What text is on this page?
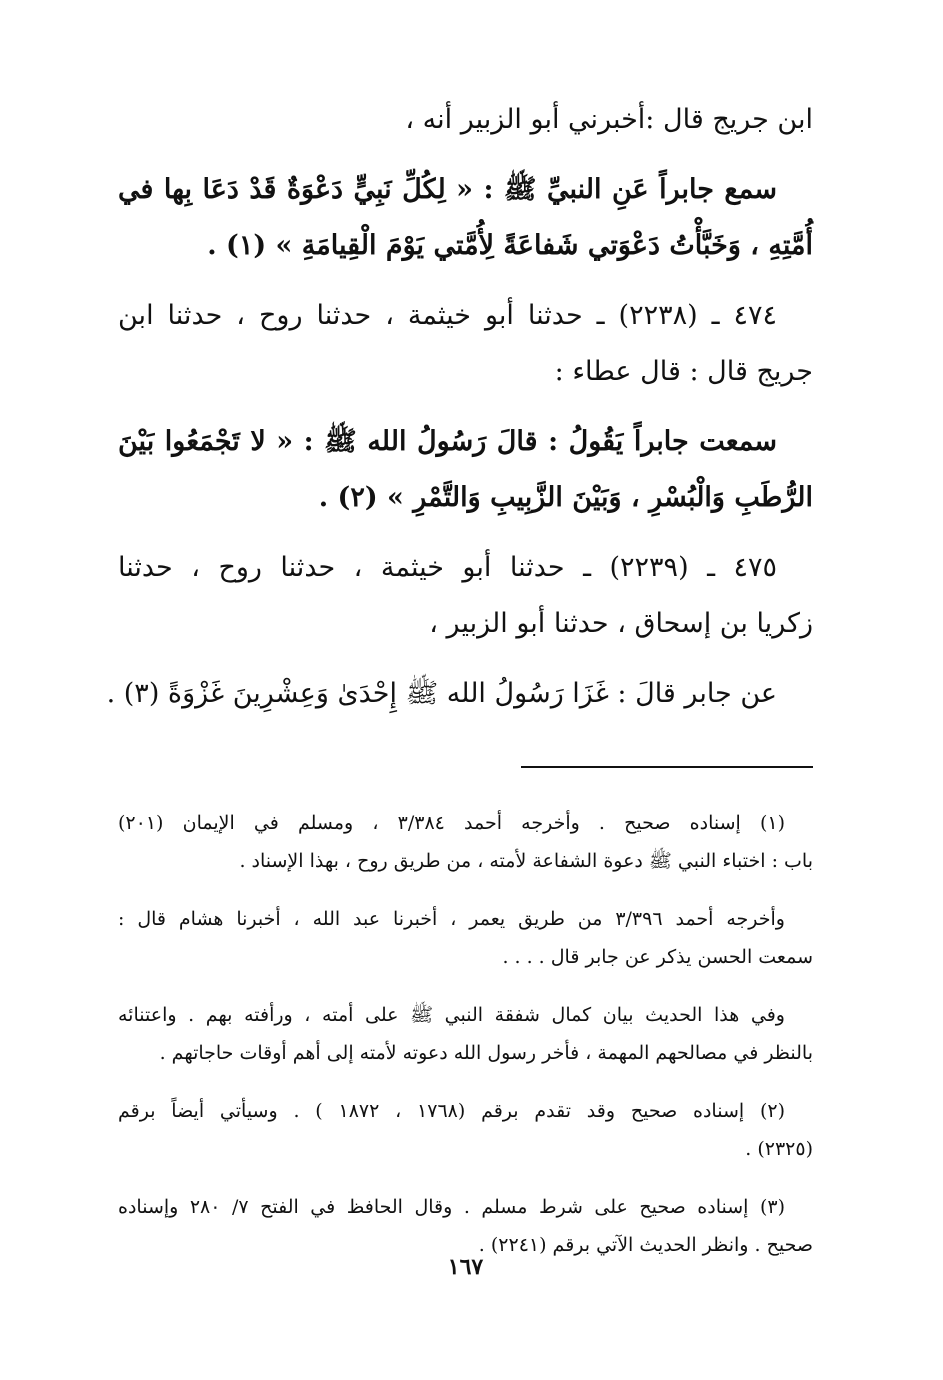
ابن جريج قال :أخبرني أبو الزبير أنه ،
سمع جابراً عَنِ النبيِّ ﷺ : « لِكُلِّ نَبِيٍّ دَعْوَةٌ قَدْ دَعَا بِها في
أُمَّتِهِ ، وَخَبَّأْتُ دَعْوَتي شَفاعَةً لِأُمَّتي يَوْمَ الْقِيامَةِ » (١) .
٤٧٤ ـ (٢٢٣٨) ـ حدثنا أبو خيثمة ، حدثنا روح ، حدثنا ابن
جريج قال : قال عطاء :
سمعت جابراً يَقُولُ : قالَ رَسُولُ الله ﷺ : « لا تَجْمَعُوا بَيْنَ
الرُّطَبِ وَالْبُسْرِ ، وَبَيْنَ الزَّبِيبِ وَالتَّمْرِ » (٢) .
٤٧٥ ـ (٢٢٣٩) ـ حدثنا أبو خيثمة ، حدثنا روح ، حدثنا
زكريا بن إسحاق ، حدثنا أبو الزبير ،
عن جابر قالَ : غَزَا رَسُولُ الله ﷺ إِحْدَىٰ وَعِشْرِينَ غَزْوَةً (٣) .
(١) إسناده صحيح . وأخرجه أحمد ٣/٣٨٤ ، ومسلم في الإيمان (٢٠١)
باب : اختباء النبي ﷺ دعوة الشفاعة لأمته ، من طريق روح ، بهذا الإسناد .
وأخرجه أحمد ٣/٣٩٦ من طريق يعمر ، أخبرنا عبد الله ، أخبرنا هشام قال :
سمعت الحسن يذكر عن جابر قال . . . .
وفي هذا الحديث بيان كمال شفقة النبي ﷺ على أمته ، ورأفته بهم . واعتنائه
بالنظر في مصالحهم المهمة ، فأخر رسول الله دعوته لأمته إلى أهم أوقات حاجاتهم .
(٢) إسناده صحيح وقد تقدم برقم (١٧٦٨ ، ١٨٧٢ ) . وسيأتي أيضاً برقم
(٢٣٢٥) .
(٣) إسناده صحيح على شرط مسلم . وقال الحافظ في الفتح ٧/ ٢٨٠ وإسناده
صحيح . وانظر الحديث الآتي برقم (٢٢٤١) .
١٦٧
